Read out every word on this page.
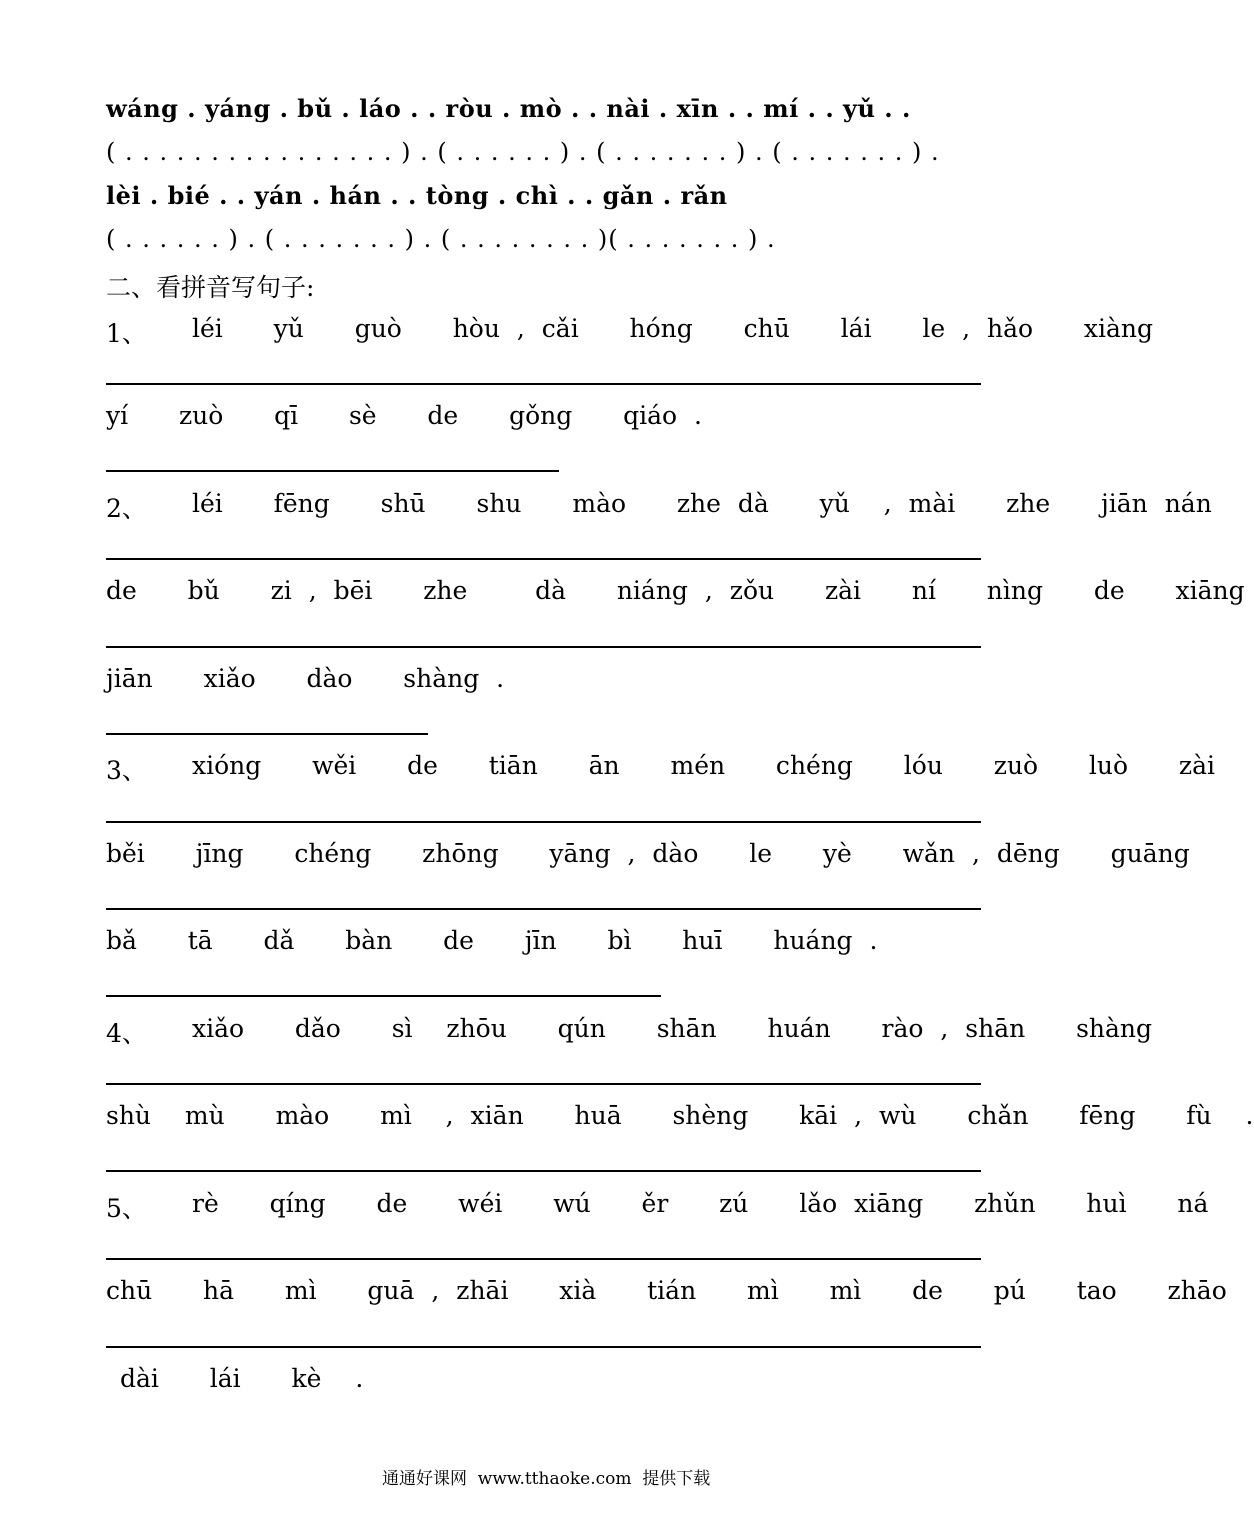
wáng . yáng . bǔ . láo . . ròu . mò . . nài . xīn . . mí . . yǔ . .
( . . . . . . . . . . . . . . . . ) . ( . . . . . . ) . ( . . . . . . . ) . ( . . . . . . . ) .
lèi . bié . . yán . hán . . tòng . chì . . gǎn . rǎn
( . . . . . . ) . ( . . . . . . . ) . ( . . . . . . . . )( . . . . . . . ) .
二、看拼音写句子:
1、 léi   yǔ   guò   hòu , cǎi   hóng   chū   lái   le , hǎo   xiàng
yí   zuò   qī   sè   de   gǒng   qiáo .
2、 léi   fēng   shū   shu   mào   zhe dà   yǔ  , mài   zhe   jiān nán
de   bǔ   zi , bēi   zhe    dà   niáng , zǒu   zài   ní   nìng   de   xiāng
jiān   xiǎo   dào   shàng .
3、 xióng   wěi   de   tiān   ān   mén   chéng   lóu   zuò   luò   zài
běi   jīng   chéng   zhōng   yāng , dào   le   yè   wǎn , dēng   guāng
bǎ   tā   dǎ   bàn   de   jīn   bì   huī   huáng .
4、 xiǎo   dǎo   sì  zhōu   qún   shān   huán   rào , shān   shàng
shù  mù   mào   mì  , xiān   huā   shèng   kāi , wù   chǎn   fēng   fù  .
5、 rè   qíng   de   wéi   wú   ěr   zú   lǎo xiāng   zhǔn   huì   ná
chū   hā   mì   guā , zhāi   xià   tián   mì   mì   de   pú   tao   zhāo
dài   lái   kè  .
通通好课网  www.tthaoke.com  提供下载
